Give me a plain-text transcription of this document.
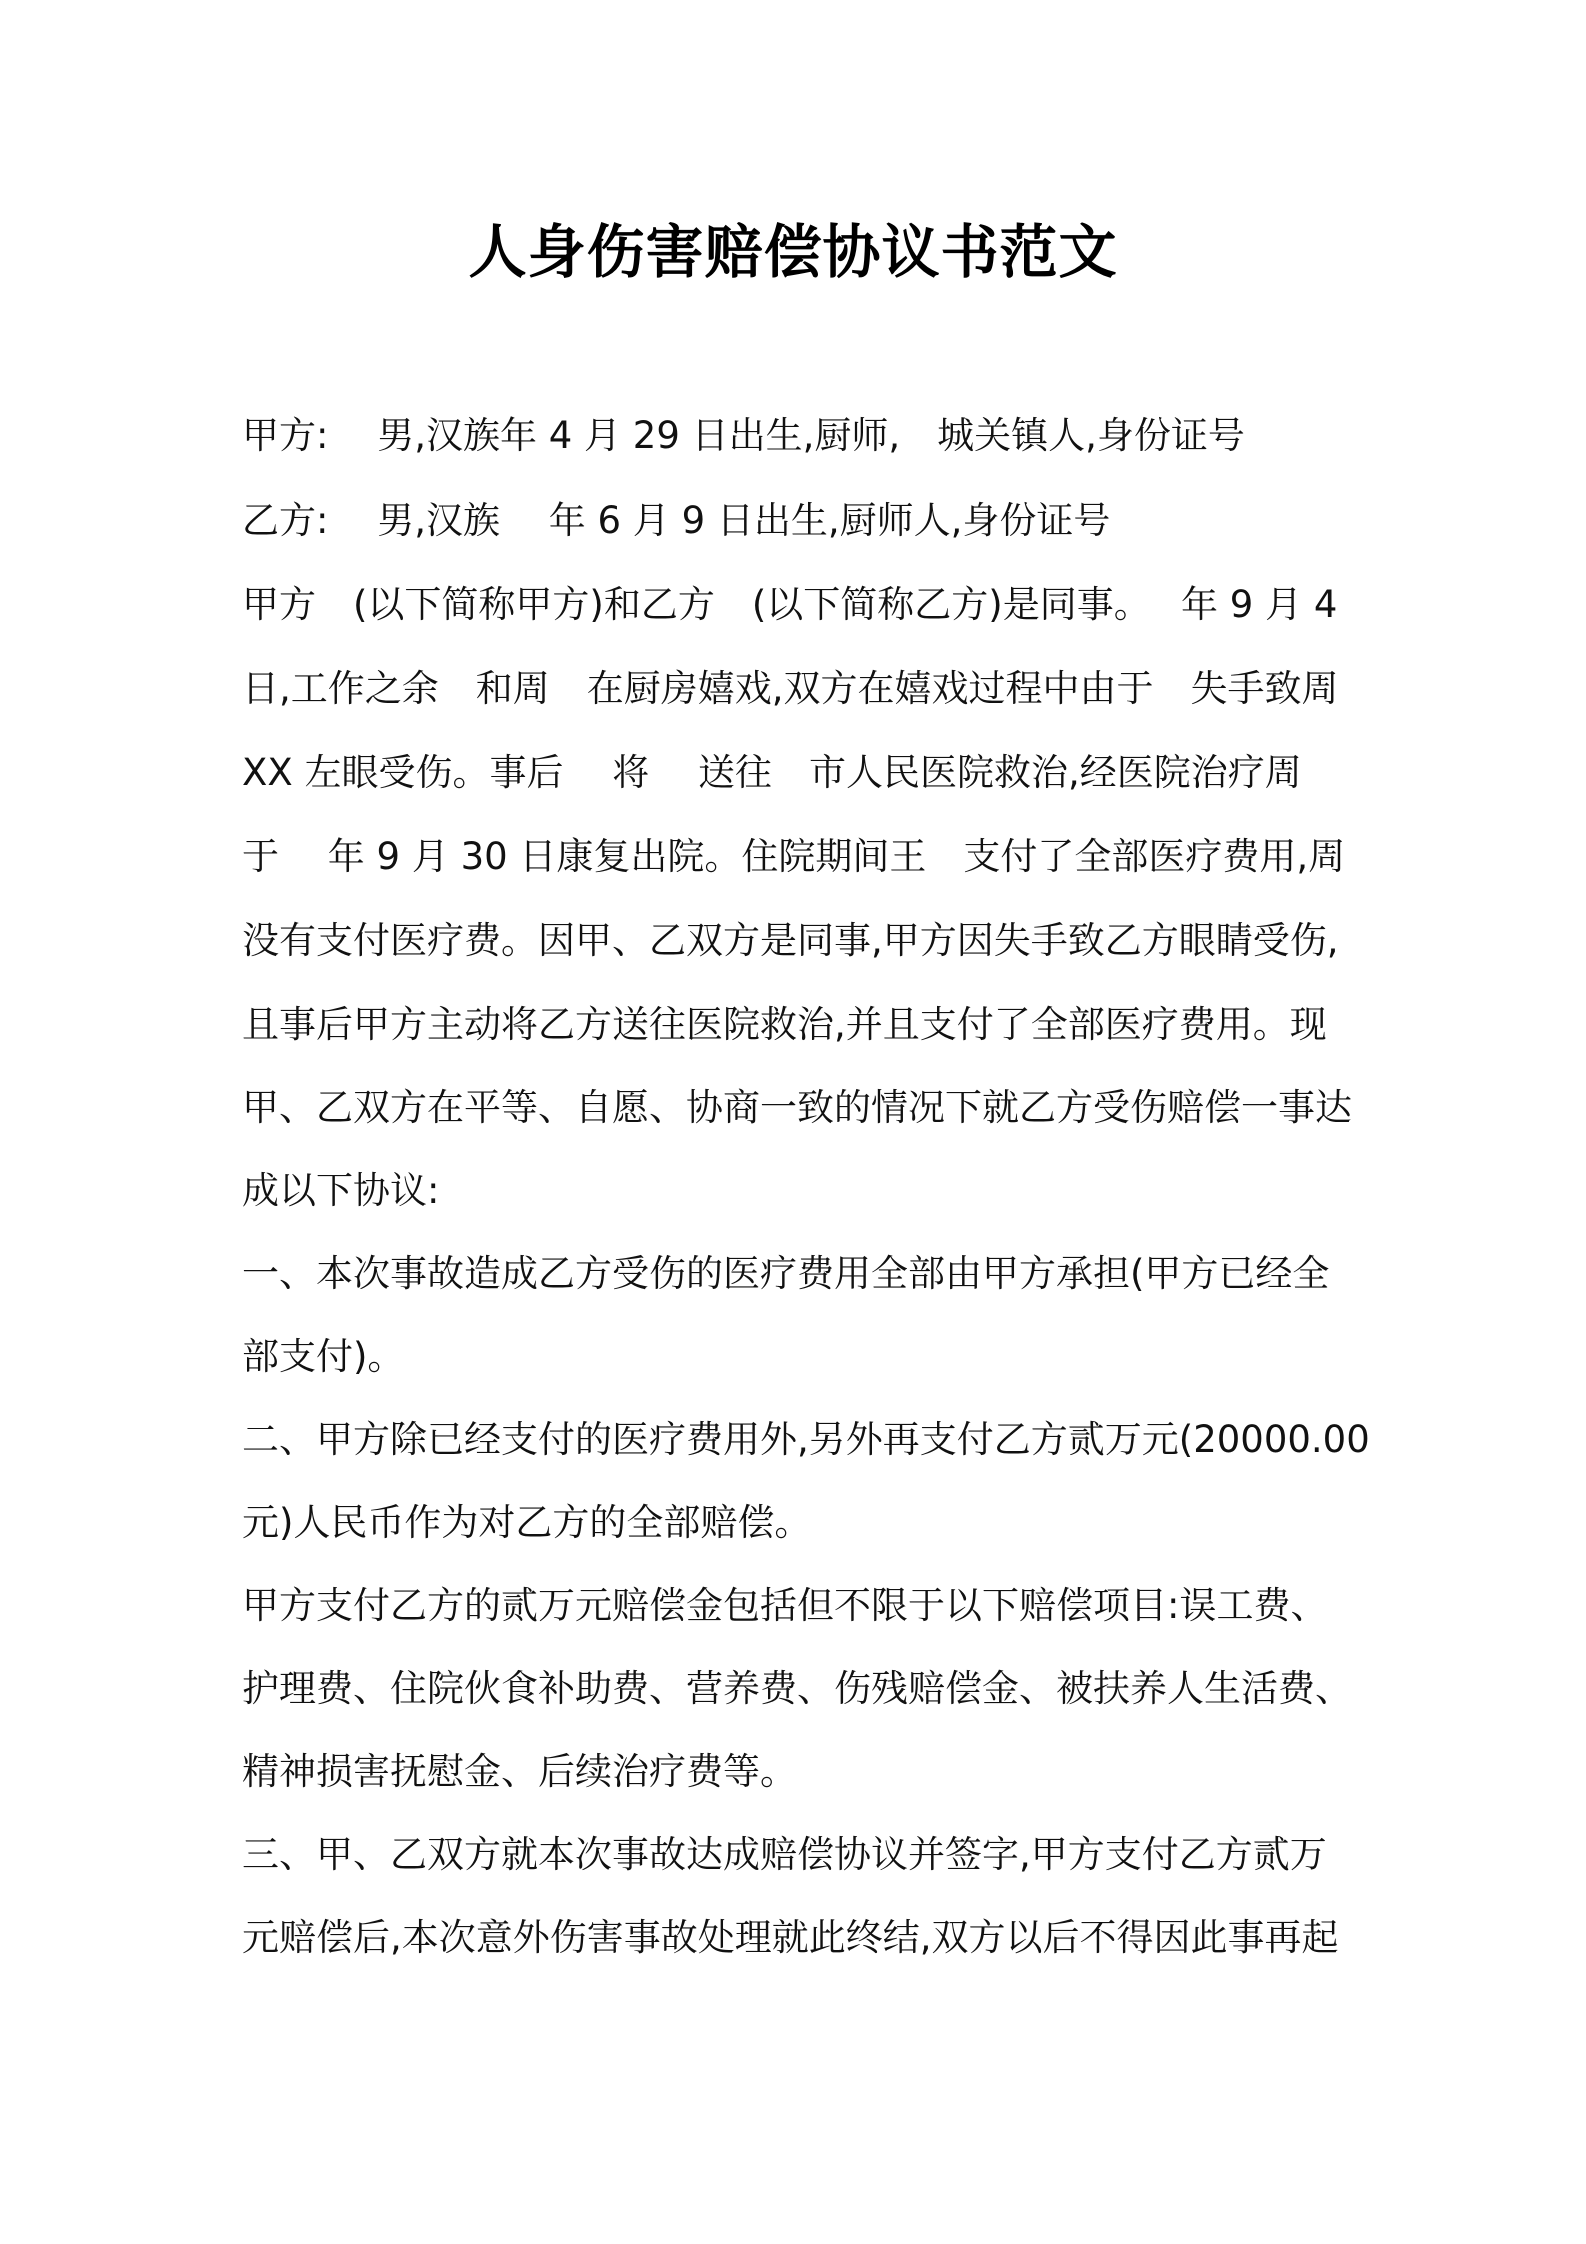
人身伤害赔偿协议书范文
甲方:　 男,汉族年 4 月 29 日出生,厨师,　城关镇人,身份证号
乙方:　 男,汉族　 年 6 月 9 日出生,厨师人,身份证号
甲方　(以下简称甲方)和乙方　(以下简称乙方)是同事。　 年 9 月 4
日,工作之余　和周　在厨房嬉戏,双方在嬉戏过程中由于　失手致周
XX 左眼受伤。事后　 将　 送往　市人民医院救治,经医院治疗周
于　 年 9 月 30 日康复出院。住院期间王　支付了全部医疗费用,周
没有支付医疗费。因甲、乙双方是同事,甲方因失手致乙方眼睛受伤,
且事后甲方主动将乙方送往医院救治,并且支付了全部医疗费用。现
甲、乙双方在平等、自愿、协商一致的情况下就乙方受伤赔偿一事达
成以下协议:
一、本次事故造成乙方受伤的医疗费用全部由甲方承担(甲方已经全
部支付)。
二、甲方除已经支付的医疗费用外,另外再支付乙方贰万元(20000.00
元)人民币作为对乙方的全部赔偿。
甲方支付乙方的贰万元赔偿金包括但不限于以下赔偿项目:误工费、
护理费、住院伙食补助费、营养费、伤残赔偿金、被扶养人生活费、
精神损害抚慰金、后续治疗费等。
三、甲、乙双方就本次事故达成赔偿协议并签字,甲方支付乙方贰万
元赔偿后,本次意外伤害事故处理就此终结,双方以后不得因此事再起
